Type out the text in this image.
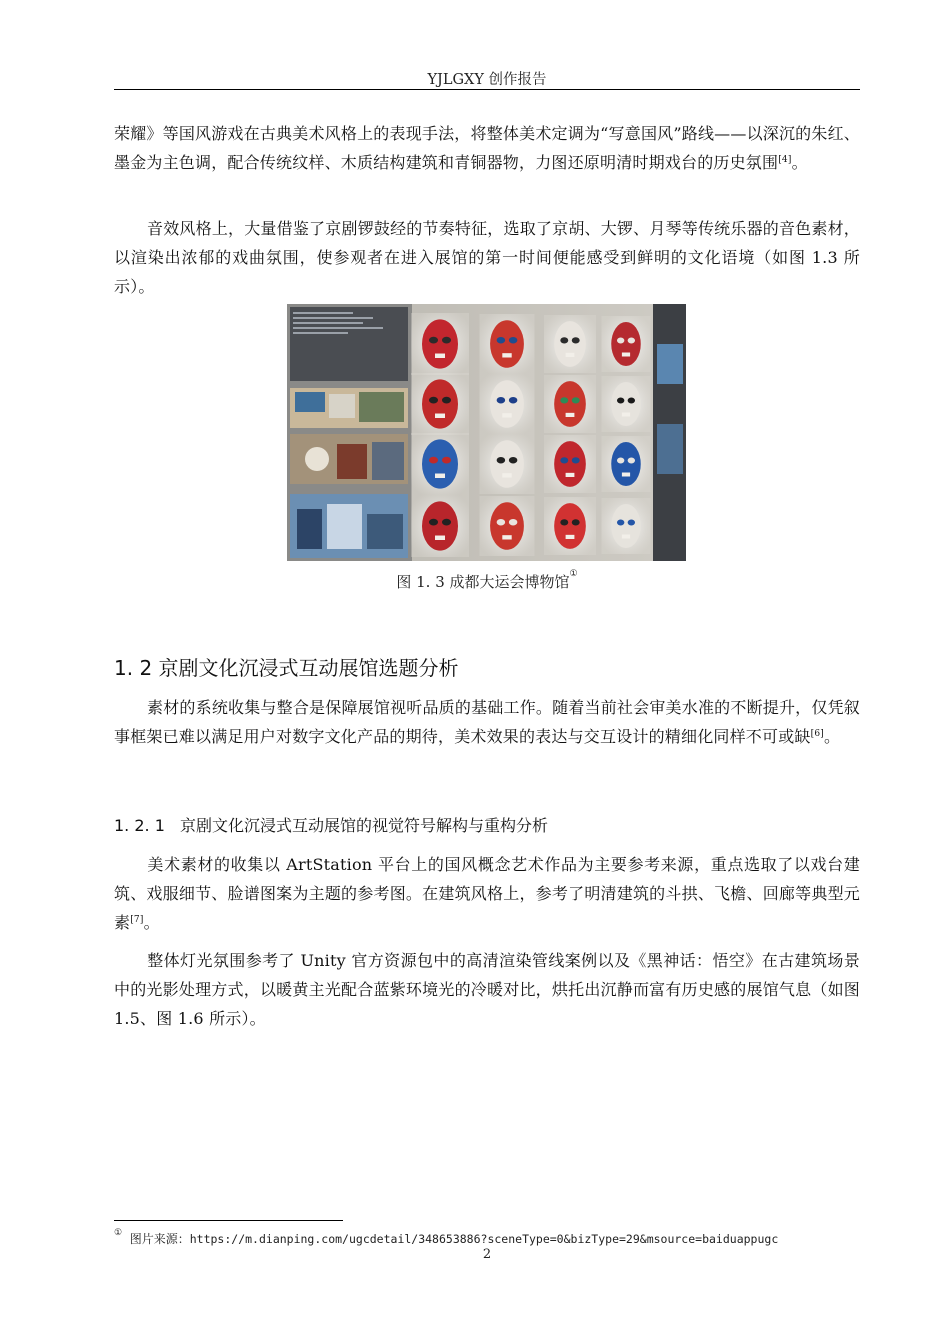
YJLGXY 创作报告
荣耀》等国风游戏在古典美术风格上的表现手法，将整体美术定调为“写意国风”路线——以深沉的朱红、墨金为主色调，配合传统纹样、木质结构建筑和青铜器物，力图还原明清时期戏台的历史氛围[4]。
音效风格上，大量借鉴了京剧锣鼓经的节奏特征，选取了京胡、大锣、月琴等传统乐器的音色素材，以渲染出浓郁的戏曲氛围，使参观者在进入展馆的第一时间便能感受到鲜明的文化语境（如图 1.3 所示）。
图 1. 3 成都大运会博物馆①
1. 2 京剧文化沉浸式互动展馆选题分析
素材的系统收集与整合是保障展馆视听品质的基础工作。随着当前社会审美水准的不断提升，仅凭叙事框架已难以满足用户对数字文化产品的期待，美术效果的表达与交互设计的精细化同样不可或缺[6]。
1. 2. 1 京剧文化沉浸式互动展馆的视觉符号解构与重构分析
美术素材的收集以 ArtStation 平台上的国风概念艺术作品为主要参考来源，重点选取了以戏台建筑、戏服细节、脸谱图案为主题的参考图。在建筑风格上，参考了明清建筑的斗拱、飞檐、回廊等典型元素[7]。
整体灯光氛围参考了 Unity 官方资源包中的高清渲染管线案例以及《黑神话：悟空》在古建筑场景中的光影处理方式，以暖黄主光配合蓝紫环境光的冷暖对比，烘托出沉静而富有历史感的展馆气息（如图 1.5、图 1.6 所示）。
① 图片来源：https://m.dianping.com/ugcdetail/348653886?sceneType=0&bizType=29&msource=baiduappugc
2
